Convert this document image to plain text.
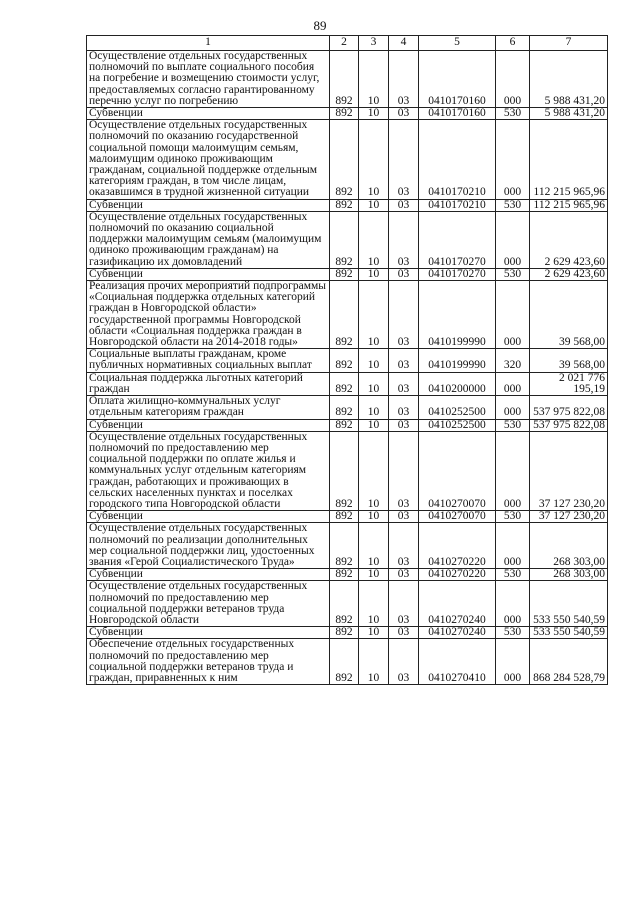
89
1	2	3	4	5	6	7
Осуществление отдельных государственных полномочий по выплате социального пособия на погребение и возмещению стоимости услуг, предоставляемых согласно гарантированному перечню услуг по погребению	892	10	03	0410170160	000	5 988 431,20
Субвенции	892	10	03	0410170160	530	5 988 431,20
Осуществление отдельных государственных полномочий по оказанию государственной социальной помощи малоимущим семьям, малоимущим одиноко проживающим гражданам, социальной поддержке отдельным категориям граждан, в том числе лицам, оказавшимся в трудной жизненной ситуации	892	10	03	0410170210	000	112 215 965,96
Субвенции	892	10	03	0410170210	530	112 215 965,96
Осуществление отдельных государственных полномочий по оказанию социальной поддержки малоимущим семьям (малоимущим одиноко проживающим гражданам) на газификацию их домовладений	892	10	03	0410170270	000	2 629 423,60
Субвенции	892	10	03	0410170270	530	2 629 423,60
Реализация прочих мероприятий подпрограммы «Социальная поддержка отдельных категорий граждан в Новгородской области» государственной программы Новгородской области «Социальная поддержка граждан в Новгородской области на 2014-2018 годы»	892	10	03	0410199990	000	39 568,00
Социальные выплаты гражданам, кроме публичных нормативных социальных выплат	892	10	03	0410199990	320	39 568,00
Социальная поддержка льготных категорий граждан	892	10	03	0410200000	000	2 021 776 195,19
Оплата жилищно-коммунальных услуг отдельным категориям граждан	892	10	03	0410252500	000	537 975 822,08
Субвенции	892	10	03	0410252500	530	537 975 822,08
Осуществление отдельных государственных полномочий по предоставлению мер социальной поддержки по оплате жилья и коммунальных услуг отдельным категориям граждан, работающих и проживающих в сельских населенных пунктах и поселках городского типа Новгородской области	892	10	03	0410270070	000	37 127 230,20
Субвенции	892	10	03	0410270070	530	37 127 230,20
Осуществление отдельных государственных полномочий по реализации дополнительных мер социальной поддержки лиц, удостоенных звания «Герой Социалистического Труда»	892	10	03	0410270220	000	268 303,00
Субвенции	892	10	03	0410270220	530	268 303,00
Осуществление отдельных государственных полномочий по предоставлению мер социальной поддержки ветеранов труда Новгородской области	892	10	03	0410270240	000	533 550 540,59
Субвенции	892	10	03	0410270240	530	533 550 540,59
Обеспечение отдельных государственных полномочий по предоставлению мер социальной поддержки ветеранов труда и граждан, приравненных к ним	892	10	03	0410270410	000	868 284 528,79
